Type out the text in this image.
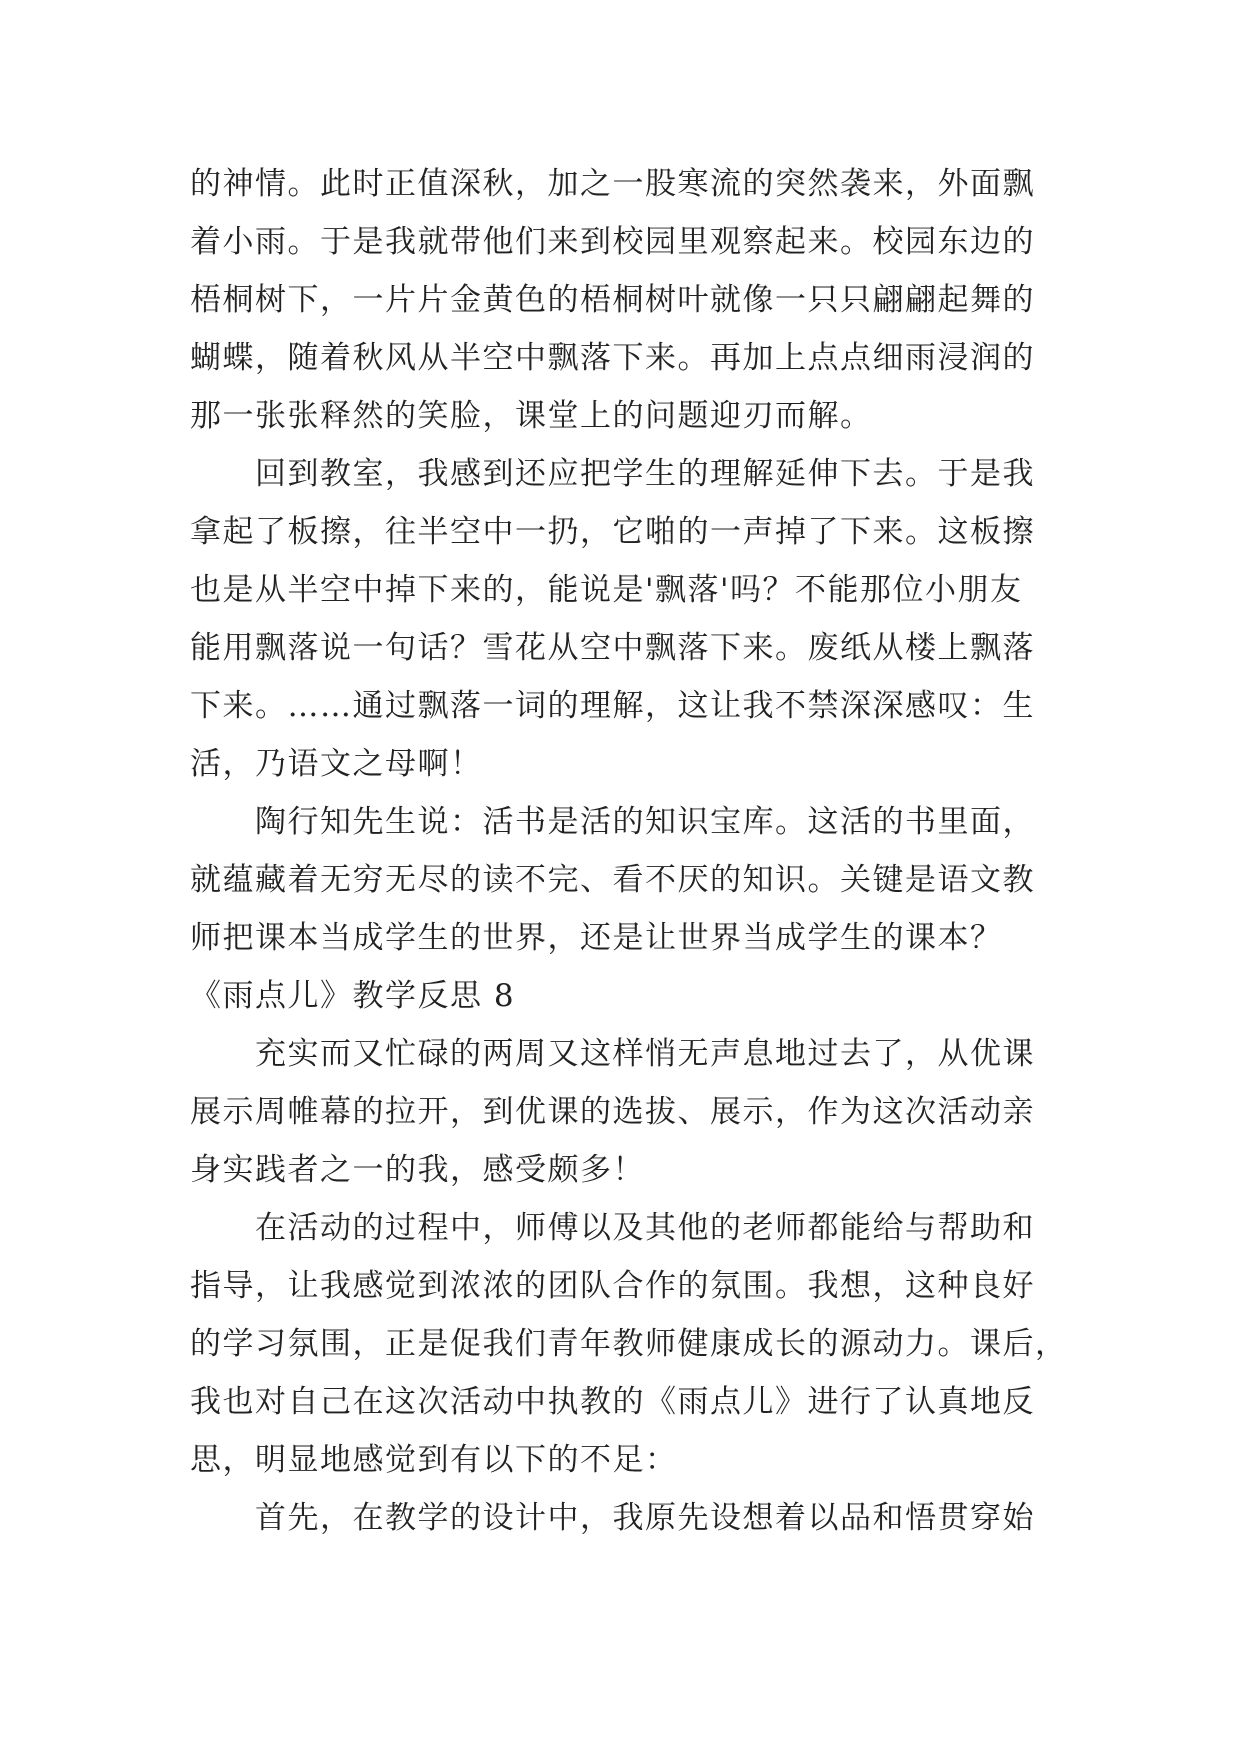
的神情。此时正值深秋，加之一股寒流的突然袭来，外面飘
着小雨。于是我就带他们来到校园里观察起来。校园东边的
梧桐树下，一片片金黄色的梧桐树叶就像一只只翩翩起舞的
蝴蝶，随着秋风从半空中飘落下来。再加上点点细雨浸润的
那一张张释然的笑脸，课堂上的问题迎刃而解。
　　回到教室，我感到还应把学生的理解延伸下去。于是我
拿起了板擦，往半空中一扔，它啪的一声掉了下来。这板擦
也是从半空中掉下来的，能说是'飘落'吗？不能那位小朋友
能用飘落说一句话？雪花从空中飘落下来。废纸从楼上飘落
下来。……通过飘落一词的理解，这让我不禁深深感叹：生
活，乃语文之母啊！
　　陶行知先生说：活书是活的知识宝库。这活的书里面，
就蕴藏着无穷无尽的读不完、看不厌的知识。关键是语文教
师把课本当成学生的世界，还是让世界当成学生的课本？
《雨点儿》教学反思 8
　　充实而又忙碌的两周又这样悄无声息地过去了，从优课
展示周帷幕的拉开，到优课的选拔、展示，作为这次活动亲
身实践者之一的我，感受颇多！
　　在活动的过程中，师傅以及其他的老师都能给与帮助和
指导，让我感觉到浓浓的团队合作的氛围。我想，这种良好
的学习氛围，正是促我们青年教师健康成长的源动力。课后，
我也对自己在这次活动中执教的《雨点儿》进行了认真地反
思，明显地感觉到有以下的不足：
　　首先，在教学的设计中，我原先设想着以品和悟贯穿始
